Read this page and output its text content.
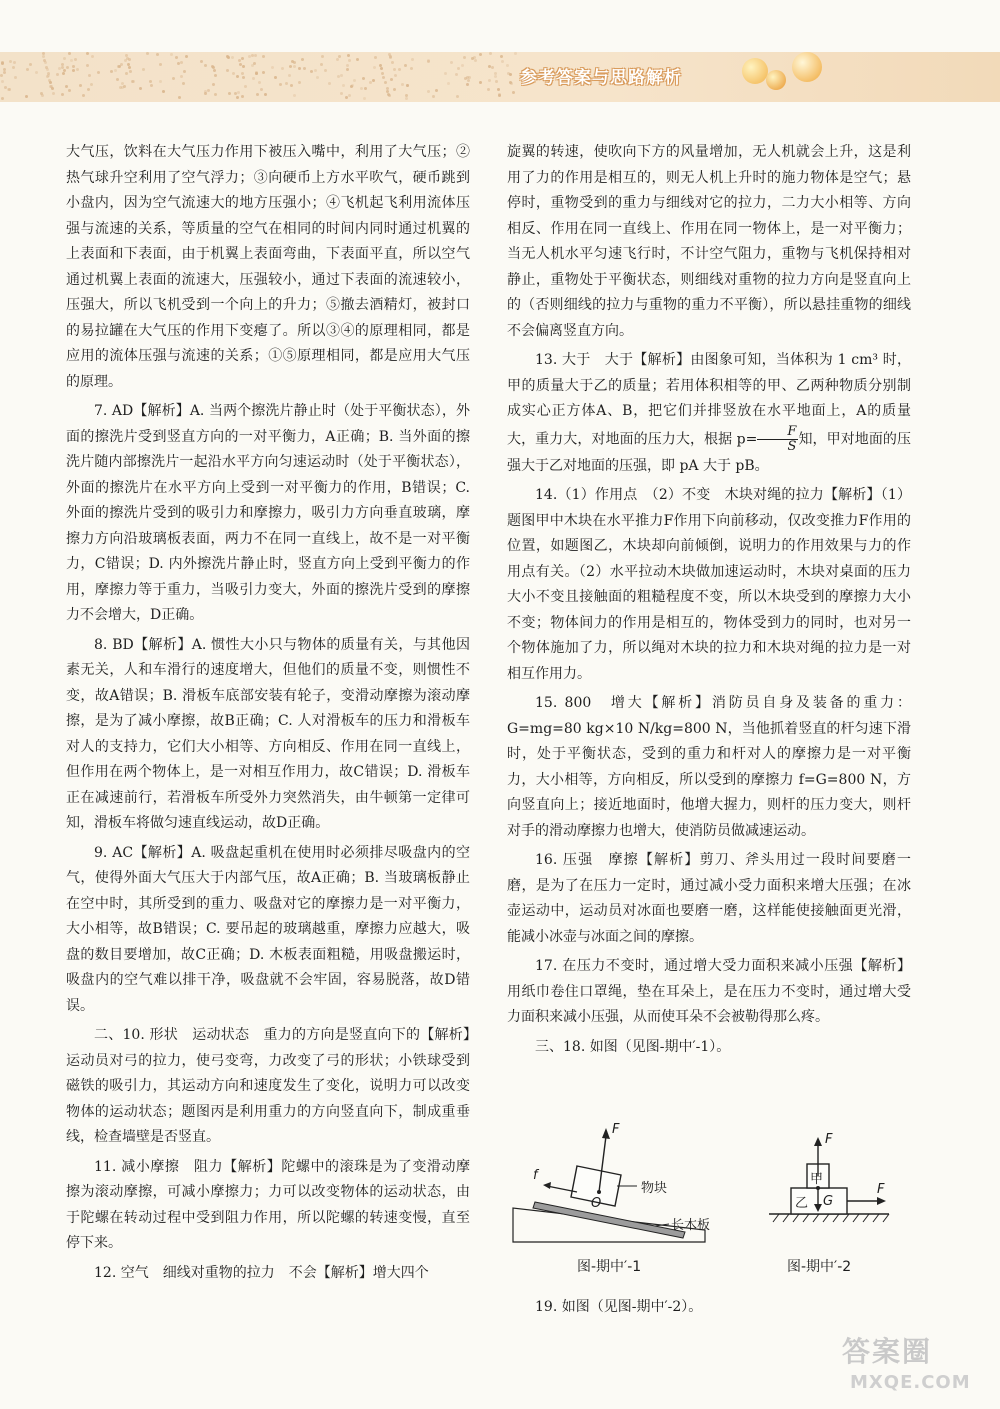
参考答案与思路解析

大气压，饮料在大气压力作用下被压入嘴中，利用了大气压；②热气球升空利用了空气浮力；③向硬币上方水平吹气，硬币跳到小盘内，因为空气流速大的地方压强小；④飞机起飞利用流体压强与流速的关系，等质量的空气在相同的时间内同时通过机翼的上表面和下表面，由于机翼上表面弯曲，下表面平直，所以空气通过机翼上表面的流速大，压强较小，通过下表面的流速较小，压强大，所以飞机受到一个向上的升力；⑤撤去酒精灯，被封口的易拉罐在大气压的作用下变瘪了。所以③④的原理相同，都是应用的流体压强与流速的关系；①⑤原理相同，都是应用大气压的原理。

7. AD【解析】A. 当两个擦洗片静止时（处于平衡状态），外面的擦洗片受到竖直方向的一对平衡力，A正确；B. 当外面的擦洗片随内部擦洗片一起沿水平方向匀速运动时（处于平衡状态），外面的擦洗片在水平方向上受到一对平衡力的作用，B错误；C. 外面的擦洗片受到的吸引力和摩擦力，吸引力方向垂直玻璃，摩擦力方向沿玻璃板表面，两力不在同一直线上，故不是一对平衡力，C错误；D. 内外擦洗片静止时，竖直方向上受到平衡力的作用，摩擦力等于重力，当吸引力变大，外面的擦洗片受到的摩擦力不会增大，D正确。

8. BD【解析】A. 惯性大小只与物体的质量有关，与其他因素无关，人和车滑行的速度增大，但他们的质量不变，则惯性不变，故A错误；B. 滑板车底部安装有轮子，变滑动摩擦为滚动摩擦，是为了减小摩擦，故B正确；C. 人对滑板车的压力和滑板车对人的支持力，它们大小相等、方向相反、作用在同一直线上，但作用在两个物体上，是一对相互作用力，故C错误；D. 滑板车正在减速前行，若滑板车所受外力突然消失，由牛顿第一定律可知，滑板车将做匀速直线运动，故D正确。

9. AC【解析】A. 吸盘起重机在使用时必须排尽吸盘内的空气，使得外面大气压大于内部气压，故A正确；B. 当玻璃板静止在空中时，其所受到的重力、吸盘对它的摩擦力是一对平衡力，大小相等，故B错误；C. 要吊起的玻璃越重，摩擦力应越大，吸盘的数目要增加，故C正确；D. 木板表面粗糙，用吸盘搬运时，吸盘内的空气难以排干净，吸盘就不会牢固，容易脱落，故D错误。

二、10. 形状　运动状态　重力的方向是竖直向下的【解析】运动员对弓的拉力，使弓变弯，力改变了弓的形状；小铁球受到磁铁的吸引力，其运动方向和速度发生了变化，说明力可以改变物体的运动状态；题图丙是利用重力的方向竖直向下，制成重垂线，检查墙壁是否竖直。

11. 减小摩擦　阻力【解析】陀螺中的滚珠是为了变滑动摩擦为滚动摩擦，可减小摩擦力；力可以改变物体的运动状态，由于陀螺在转动过程中受到阻力作用，所以陀螺的转速变慢，直至停下来。

12. 空气　细线对重物的拉力　不会【解析】增大四个

旋翼的转速，使吹向下方的风量增加，无人机就会上升，这是利用了力的作用是相互的，则无人机上升时的施力物体是空气；悬停时，重物受到的重力与细线对它的拉力，二力大小相等、方向相反、作用在同一直线上、作用在同一物体上，是一对平衡力；当无人机水平匀速飞行时，不计空气阻力，重物与飞机保持相对静止，重物处于平衡状态，则细线对重物的拉力方向是竖直向上的（否则细线的拉力与重物的重力不平衡），所以悬挂重物的细线不会偏离竖直方向。

13. 大于　大于【解析】由图象可知，当体积为 1 cm³ 时，甲的质量大于乙的质量；若用体积相等的甲、乙两种物质分别制成实心正方体A、B，把它们并排竖放在水平地面上，A的质量大，重力大，对地面的压力大，根据 $p= \frac{F}{S}$ 知，甲对地面的压强大于乙对地面的压强，即 pA 大于 pB。

14.（1）作用点　（2）不变　木块对绳的拉力【解析】（1）题图甲中木块在水平推力F作用下向前移动，仅改变推力F作用的位置，如题图乙，木块却向前倾倒，说明力的作用效果与力的作用点有关。（2）水平拉动木块做加速运动时，木块对桌面的压力大小不变且接触面的粗糙程度不变，所以木块受到的摩擦力大小不变；物体间力的作用是相互的，物体受到力的同时，也对另一个物体施加了力，所以绳对木块的拉力和木块对绳的拉力是一对相互作用力。

15. 800　增大【解析】消防员自身及装备的重力：G=mg=80 kg×10 N/kg=800 N，当他抓着竖直的杆匀速下滑时，处于平衡状态，受到的重力和杆对人的摩擦力是一对平衡力，大小相等，方向相反，所以受到的摩擦力 f=G=800 N，方向竖直向上；接近地面时，他增大握力，则杆的压力变大，则杆对手的滑动摩擦力也增大，使消防员做减速运动。

16. 压强　摩擦【解析】剪刀、斧头用过一段时间要磨一磨，是为了在压力一定时，通过减小受力面积来增大压强；在冰壶运动中，运动员对冰面也要磨一磨，这样能使接触面更光滑，能减小冰壶与冰面之间的摩擦。

17. 在压力不变时，通过增大受力面积来减小压强【解析】用纸巾卷住口罩绳，垫在耳朵上，是在压力不变时，通过增大受力面积来减小压强，从而使耳朵不会被勒得那么疼。

三、18. 如图（见图-期中′-1）。

F
f
O
物块
长木板
图-期中′-1
F
F
甲
乙 G
图-期中′-2

19. 如图（见图-期中′-2）。

答案圈
MXQE.COM
